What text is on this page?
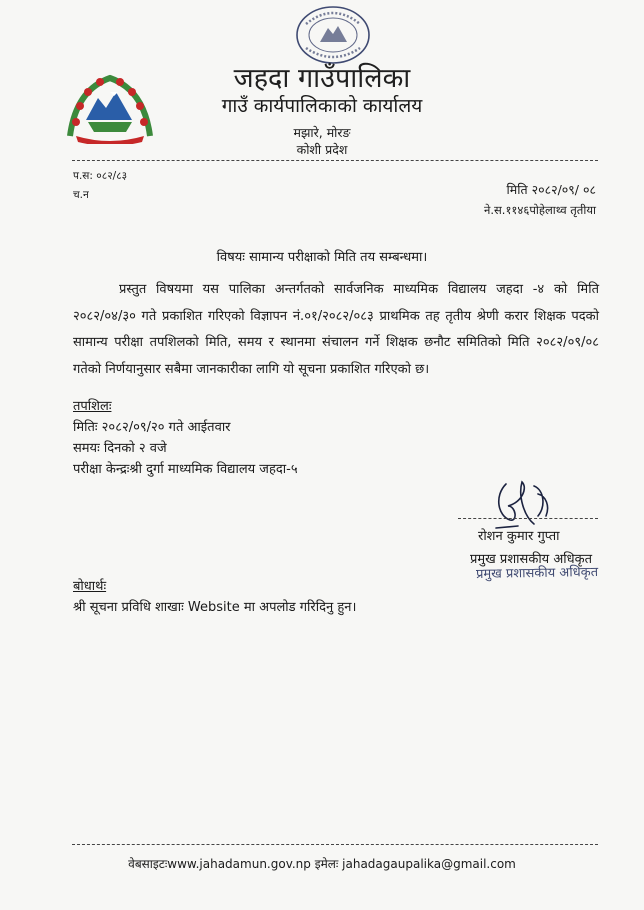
जहदा गाउँपालिका
गाउँ कार्यपालिकाको कार्यालय
मझारे, मोरङ
कोशी प्रदेश
प.स: ०८२/८३
च.न	मिति २०८२/०९/ ०८
ने.स.११४६पोहेलाथ्व तृतीया
विषयः सामान्य परीक्षाको मिति तय सम्बन्धमा।
प्रस्तुत विषयमा यस पालिका अन्तर्गतको सार्वजनिक माध्यमिक विद्यालय जहदा -४ को मिति २०८२/०४/३० गते प्रकाशित गरिएको विज्ञापन नं.०१/२०८२/०८३ प्राथमिक तह तृतीय श्रेणी करार शिक्षक पदको सामान्य परीक्षा तपशिलको मिति, समय र स्थानमा संचालन गर्ने शिक्षक छनौट समितिको मिति २०८२/०९/०८ गतेको निर्णयानुसार सबैमा जानकारीका लागि यो सूचना प्रकाशित गरिएको छ।
तपशिलः
मितिः २०८२/०९/२० गते आईतवार
समयः दिनको २ वजे
परीक्षा केन्द्रःश्री दुर्गा माध्यमिक विद्यालय जहदा-५
रोशन कुमार गुप्ता
प्रमुख प्रशासकीय अधिकृत
प्रमुख प्रशासकीय अधिकृत
बोधार्थः
श्री सूचना प्रविधि शाखाः Website मा अपलोड गरिदिनु हुन।
वेबसाइटःwww.jahadamun.gov.np इमेलः jahadagaupalika@gmail.com
